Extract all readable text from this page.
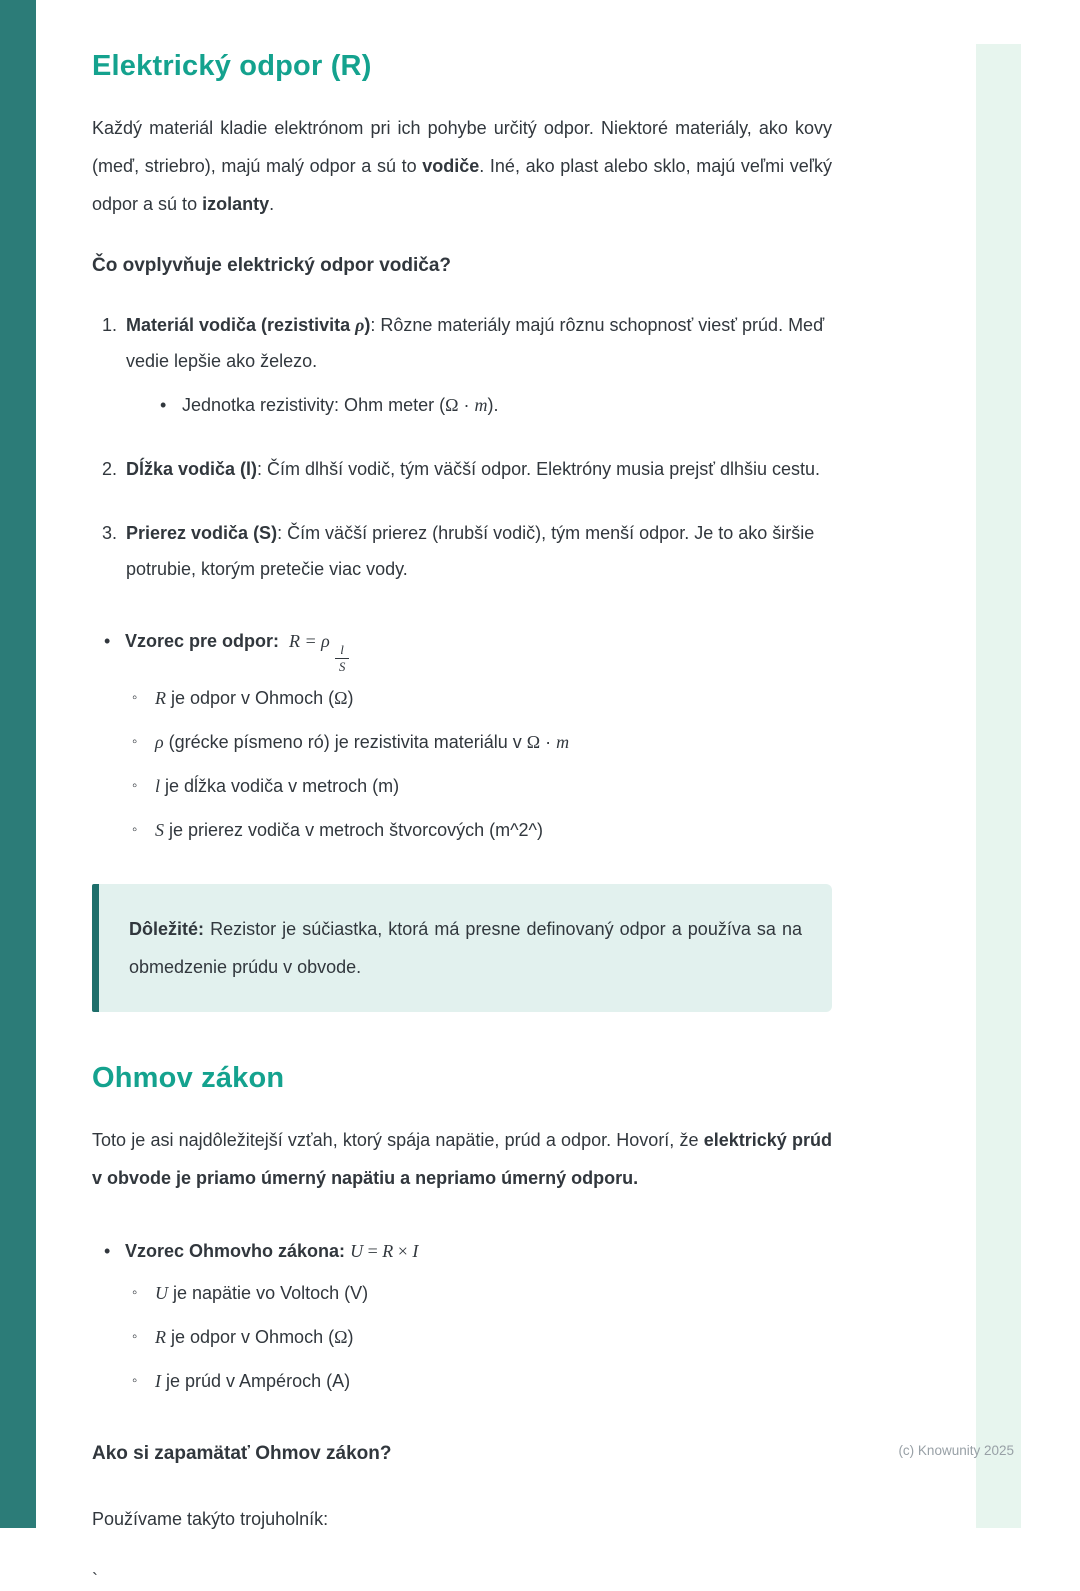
Elektrický odpor (R)

Každý materiál kladie elektrónom pri ich pohybe určitý odpor. Niektoré materiály, ako kovy (meď, striebro), majú malý odpor a sú to vodiče. Iné, ako plast alebo sklo, majú veľmi veľký odpor a sú to izolanty.

Čo ovplyvňuje elektrický odpor vodiča?
1. Materiál vodiča (rezistivita ρ): Rôzne materiály majú rôznu schopnosť viesť prúd. Meď vedie lepšie ako železo.
• Jednotka rezistivity: Ohm meter (Ω · m).
2. Dĺžka vodiča (l): Čím dlhší vodič, tým väčší odpor. Elektróny musia prejsť dlhšiu cestu.
3. Prierez vodiča (S): Čím väčší prierez (hrubší vodič), tým menší odpor. Je to ako širšie potrubie, ktorým pretečie viac vody.
• Vzorec pre odpor: R = ρ
$\frac{l}{S}$
◦ R je odpor v Ohmoch (Ω)
◦ ρ (grécke písmeno ró) je rezistivita materiálu v Ω · m
◦ l je dĺžka vodiča v metroch (m)
◦ S je prierez vodiča v metroch štvorcových (m^2^)
Dôležité: Rezistor je súčiastka, ktorá má presne definovaný odpor a používa sa na obmedzenie prúdu v obvode.
Ohmov zákon

Toto je asi najdôležitejší vzťah, ktorý spája napätie, prúd a odpor. Hovorí, že elektrický prúd v obvode je priamo úmerný napätiu a nepriamo úmerný odporu.

• Vzorec Ohmovho zákona: U = R × I
◦ U je napätie vo Voltoch (V)
◦ R je odpor v Ohmoch (Ω)
◦ I je prúd v Ampéroch (A)
Ako si zapamätať Ohmov zákon?

Používame takýto trojuholník:

`

(c) Knowunity 2025
